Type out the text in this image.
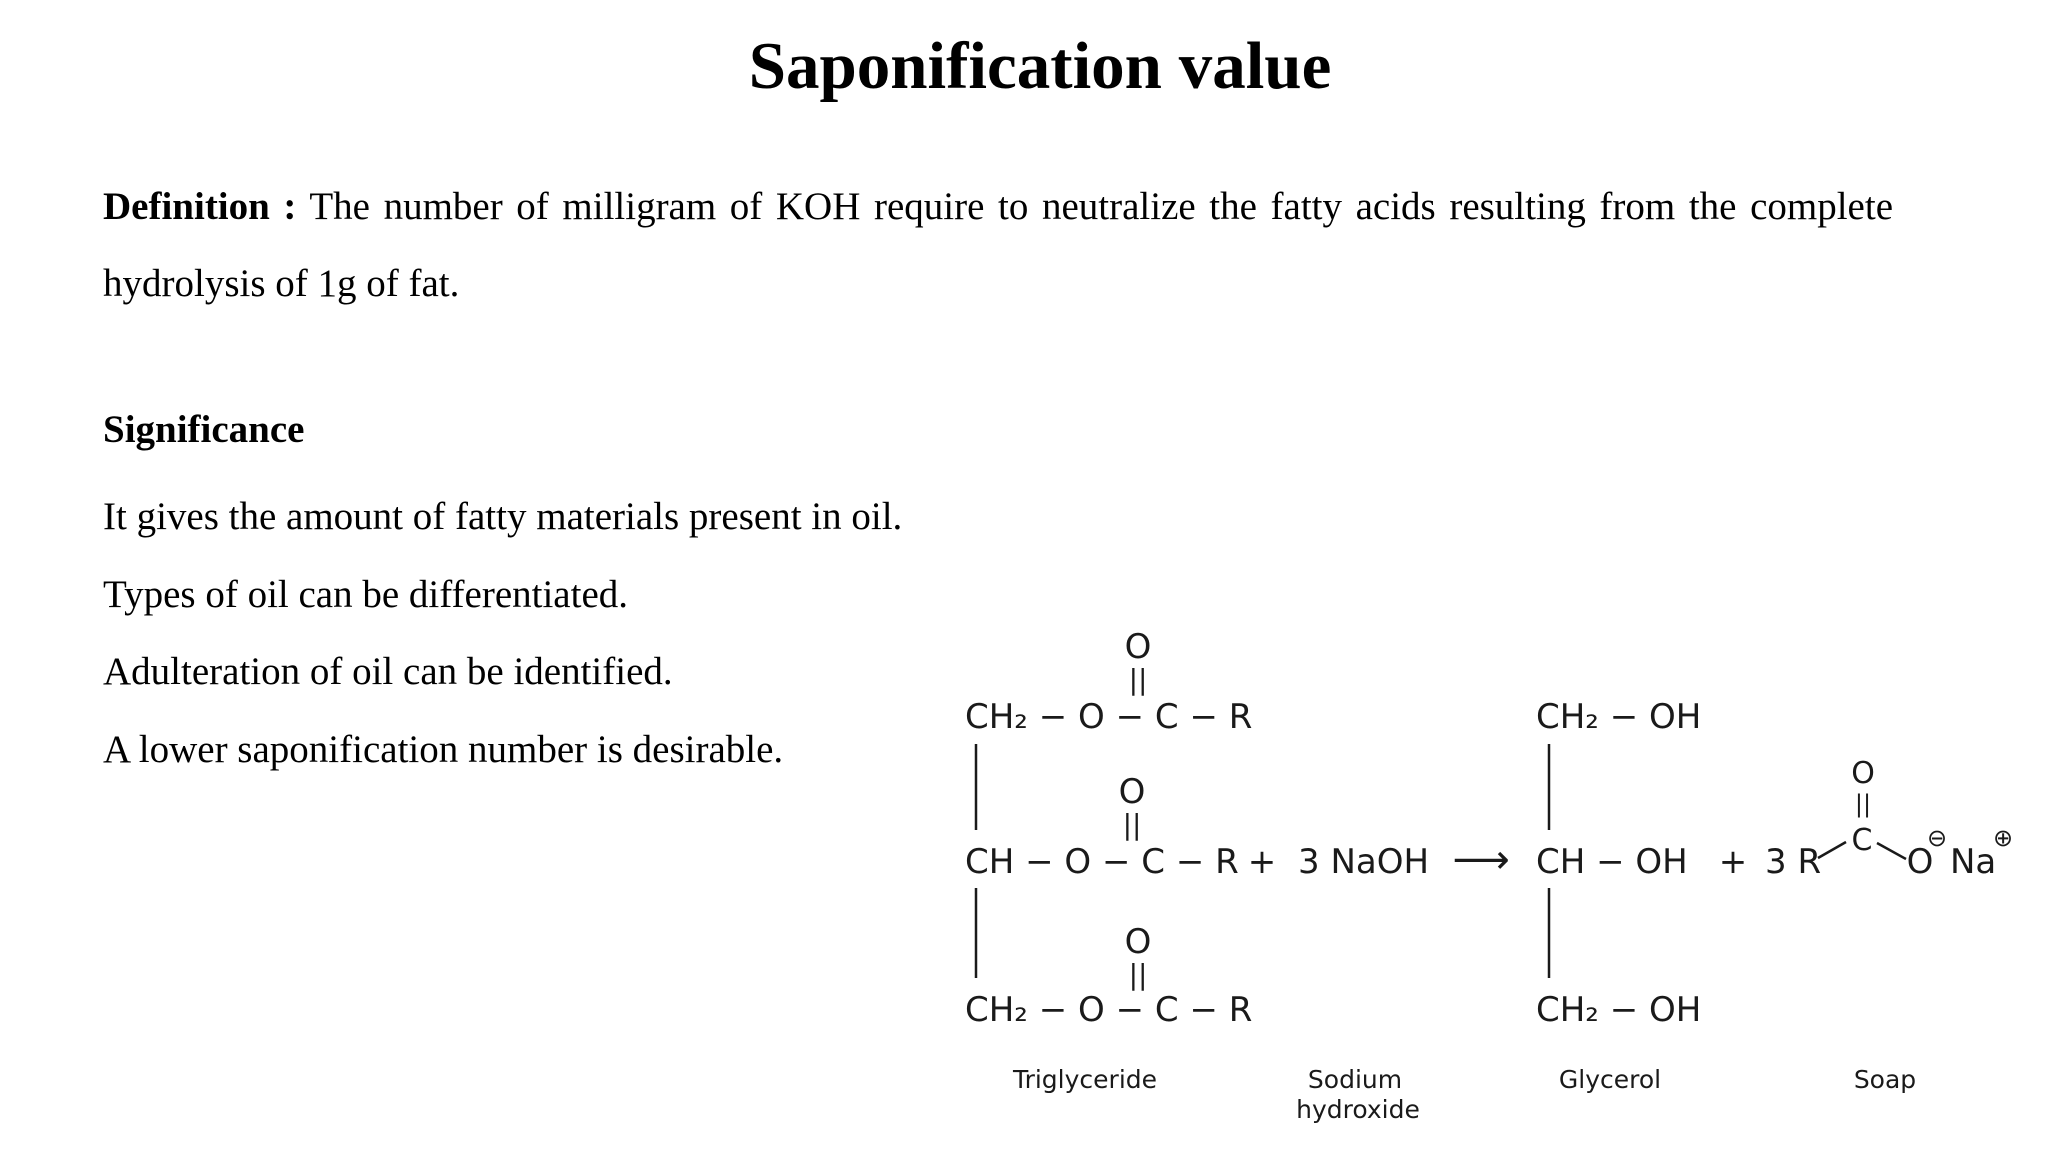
Saponification value
Definition : The number of milligram of KOH require to neutralize the fatty acids resulting from the complete hydrolysis of 1g of fat.
Significance
It gives the amount of fatty materials present in oil.
Types of oil can be differentiated.
Adulteration of oil can be identified.
A lower saponification number is desirable.
O
||
CH₂ − O − C − R
O
||
CH − O − C − R
O
||
CH₂ − O − C − R
Triglyceride
+ 3 NaOH
Sodium
hydroxide
⟶
CH₂ − OH
CH − OH
CH₂ − OH
Glycerol
+ 3 R
C
O
||
O
⊖
Na
⊕
Soap
